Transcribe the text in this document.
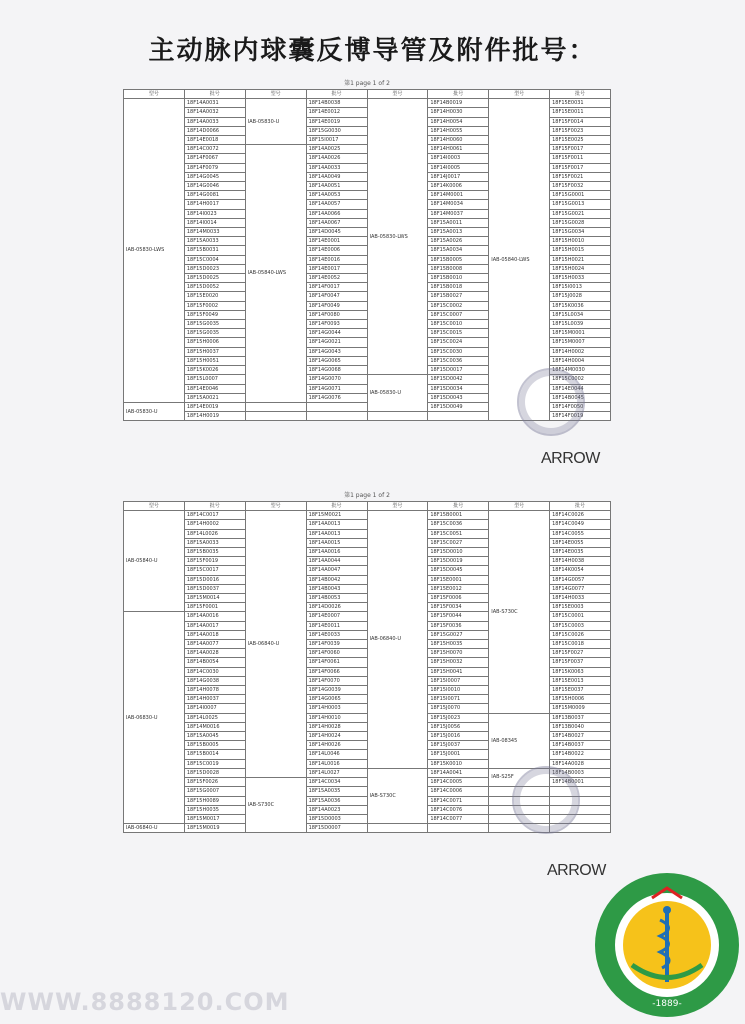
主动脉内球囊反博导管及附件批号：
第1 page 1 of 2
型号	批号	型号	批号	型号	批号	型号	批号
IAB-05830-LWS	18F14A0031	IAB-05830-U	18F14B0038	IAB-05830-LWS	18F14B0019	IAB-05840-LWS	18F15E0031
	18F14A0032		18F14E0012		18F14H0030		18F15E0011
	18F14A0033		18F14E0019		18F14H0054		18F15F0014
	18F14D0066		18F15G0030		18F14H0055		18F15F0023
	18F14E0018		18F15I0017		18F14H0060		18F15E0025
	18F14C0072	IAB-05840-LWS	18F14A0025		18F14H0061		18F15F0017
	18F14F0067		18F14A0026		18F14I0003		18F15F0011
	18F14F0079		18F14A0033		18F14I0005		18F15F0017
	18F14G0045		18F14A0049		18F14J0017		18F15F0021
	18F14G0046		18F14A0051		18F14K0006		18F15F0032
	18F14G0081		18F14A0053		18F14M0001		18F15G0001
	18F14H0017		18F14A0057		18F14M0034		18F15G0013
	18F14I0023		18F14A0066		18F14M0037		18F15G0021
	18F14I0014		18F14A0067		18F15A0011		18F15G0028
	18F14M0033		18F14D0045		18F15A0013		18F15G0034
	18F15A0033		18F14E0001		18F15A0026		18F15H0010
	18F15B0031		18F14E0006		18F15A0034		18F15H0015
	18F15C0004		18F14E0016		18F15B0005		18F15H0021
	18F15D0023		18F14E0017		18F15B0008		18F15H0024
	18F15D0025		18F14E0052		18F15B0010		18F15H0033
	18F15D0052		18F14F0017		18F15B0018		18F15I0013
	18F15E0020		18F14F0047		18F15B0027		18F15J0028
	18F15F0002		18F14F0049		18F15C0002		18F15K0036
	18F15F0049		18F14F0080		18F15C0007		18F15L0034
	18F15G0035		18F14F0093		18F15C0010		18F15L0039
	18F15G0035		18F14G0044		18F15C0015		18F15M0001
	18F15H0006		18F14G0021		18F15C0024		18F15M0007
	18F15H0037		18F14G0043		18F15C0030		18F14H0002
	18F15H0051		18F14G0065		18F15C0036		18F14H0004
	18F15K0026		18F14G0068		18F15D0017		18F14M0030
	18F15L0007		18F14G0070	IAB-05830-U	18F15D0042		18F15C0002
	18F14E0046		18F14G0071		18F15D0034		18F14E0044
	18F15A0021		18F14G0076		18F15D0043		18F14B0045
IAB-05830-U	18F14E0019				18F15D0049		18F14F0050
	18F14H0019						18F14F0019
ARROW
第1 page 1 of 2
型号	批号	型号	批号	型号	批号	型号	批号
IAB-05840-U	18F14C0017	IAB-06840-U	18F15M0021	IAB-06840-U	18F15B0001	IAB-S730C	18F14C0026
	18F14H0002		18F14A0013		18F15C0036		18F14C0049
	18F14L0026		18F14A0013		18F15C0051		18F14C0055
	18F15A0033		18F14A0015		18F15C0027		18F14E0055
	18F15B0035		18F14A0016		18F15D0010		18F14E0035
	18F15F0019		18F14A0044		18F15D0019		18F14H0038
	18F15C0017		18F14A0047		18F15D0045		18F14K0054
	18F15D0016		18F14B0042		18F15E0001		18F14G0057
	18F15D0037		18F14B0043		18F15E0012		18F14G0077
	18F15M0014		18F14B0053		18F15F0006		18F14H0033
	18F15F0001		18F14D0026		18F15F0034		18F15E0003
IAB-06830-U	18F14A0016		18F14E0007		18F15F0044		18F15C0001
	18F14A0017		18F14E0011		18F15F0036		18F15C0003
	18F14A0018		18F14E0033		18F15G0027		18F15C0026
	18F14A0077		18F14F0039		18F15H0035		18F15C0018
	18F14A0028		18F14F0060		18F15H0070		18F15F0027
	18F14B0054		18F14F0061		18F15H0032		18F15F0037
	18F14C0030		18F14F0066		18F15H0041		18F15K0063
	18F14G0038		18F14F0070		18F15I0007		18F15E0013
	18F14H0078		18F14G0039		18F15I0010		18F15E0037
	18F14H0037		18F14G0065		18F15I0071		18F15H0006
	18F14I0007		18F14H0003		18F15J0070		18F15M0009
	18F14L0025		18F14H0010		18F15J0023	IAB-08345	18F13B0037
	18F14M0016		18F14H0028		18F15J0056		18F13B0040
	18F15A0045		18F14H0024		18F15J0016		18F14B0027
	18F15B0005		18F14H0026		18F15J0037		18F14B0037
	18F15B0014		18F14L0046		18F15J0001		18F14B0022
	18F15C0019		18F14L0016		18F15K0010		18F14A0028
	18F15D0028		18F14L0027	IAB-S730C	18F14A0041	IAB-S25F	18F14B0003
	18F15F0026	IAB-S730C	18F14C0034		18F14C0005		18F14B0001
	18F15G0007		18F15A0035		18F14C0006		
	18F15H0089		18F15A0036		18F14C0071		
	18F15H0035		18F14A0023		18F14C0076		
	18F15M0017		18F15D0003		18F14C0077		
IAB-06840-U	18F15M0019		18F15D0007				
ARROW
WWW.8888120.COM	-1889-
